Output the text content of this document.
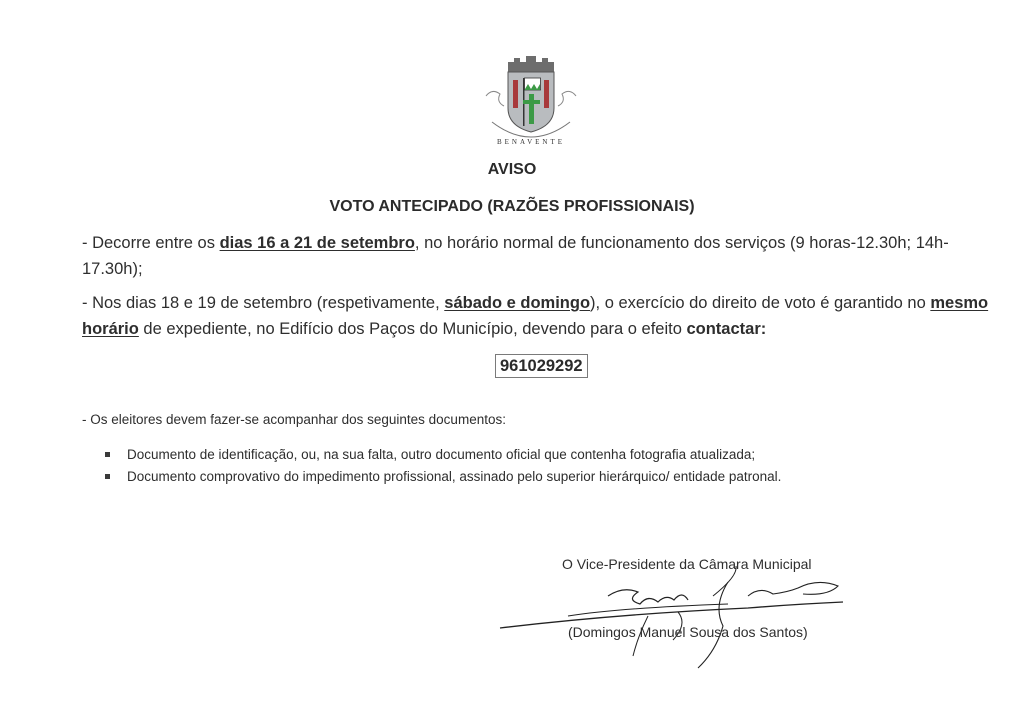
BENAVENTE
AVISO
VOTO ANTECIPADO (RAZÕES PROFISSIONAIS)
- Decorre entre os dias 16 a 21 de setembro, no horário normal de funcionamento dos serviços (9 horas-12.30h; 14h- 17.30h);
- Nos dias 18 e 19 de setembro (respetivamente, sábado e domingo), o exercício do direito de voto é garantido no mesmo horário de expediente, no Edifício dos Paços do Município, devendo para o efeito contactar:
961029292
- Os eleitores devem fazer-se acompanhar dos seguintes documentos:
Documento de identificação, ou, na sua falta, outro documento oficial que contenha fotografia atualizada;
Documento comprovativo do impedimento profissional, assinado pelo superior hierárquico/ entidade patronal.
O Vice-Presidente da Câmara Municipal
(Domingos Manuel Sousa dos Santos)
